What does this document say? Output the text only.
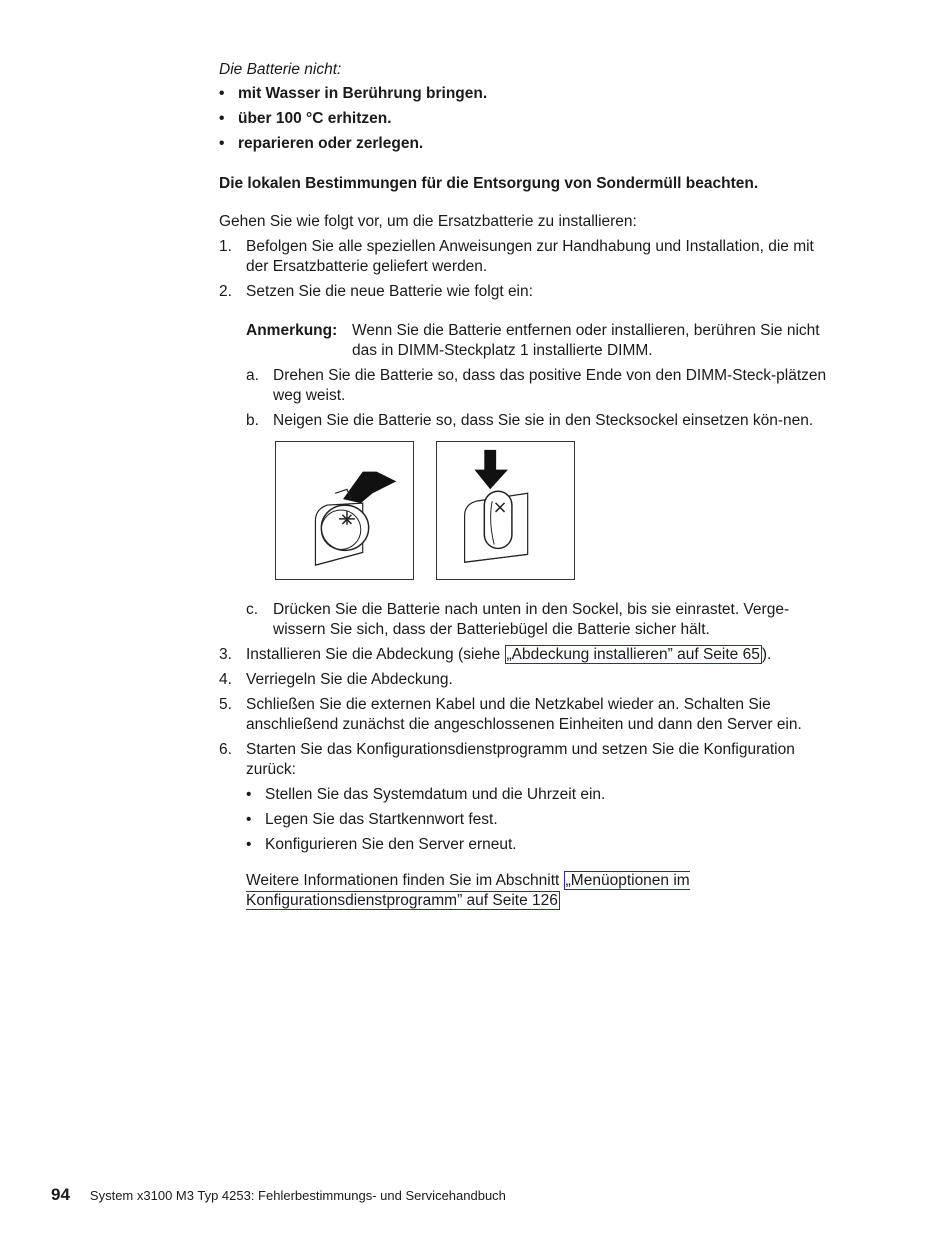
Die Batterie nicht:

• mit Wasser in Berührung bringen.

• über 100 °C erhitzen.

• reparieren oder zerlegen.

Die lokalen Bestimmungen für die Entsorgung von Sondermüll beachten.

Gehen Sie wie folgt vor, um die Ersatzbatterie zu installieren:

1. Befolgen Sie alle speziellen Anweisungen zur Handhabung und Installation, die mit der Ersatzbatterie geliefert werden.
2. Setzen Sie die neue Batterie wie folgt ein:
Anmerkung: Wenn Sie die Batterie entfernen oder installieren, berühren Sie nicht das in DIMM-Steckplatz 1 installierte DIMM.
a. Drehen Sie die Batterie so, dass das positive Ende von den DIMM-Steck-plätzen weg weist.
b. Neigen Sie die Batterie so, dass Sie sie in den Stecksockel einsetzen kön-nen.
×
×
c. Drücken Sie die Batterie nach unten in den Sockel, bis sie einrastet. Verge-wissern Sie sich, dass der Batteriebügel die Batterie sicher hält.
3. Installieren Sie die Abdeckung (siehe „Abdeckung installieren” auf Seite 65 ).
4. Verriegeln Sie die Abdeckung.
5. Schließen Sie die externen Kabel und die Netzkabel wieder an. Schalten Sie anschließend zunächst die angeschlossenen Einheiten und dann den Server ein.
6. Starten Sie das Konfigurationsdienstprogramm und setzen Sie die Konfiguration zurück:

• Stellen Sie das Systemdatum und die Uhrzeit ein.

• Legen Sie das Startkennwort fest.

• Konfigurieren Sie den Server erneut.

Weitere Informationen finden Sie im Abschnitt „Menüoptionen im Konfigurationsdienstprogramm” auf Seite 126

94 System x3100 M3 Typ 4253: Fehlerbestimmungs- und Servicehandbuch
